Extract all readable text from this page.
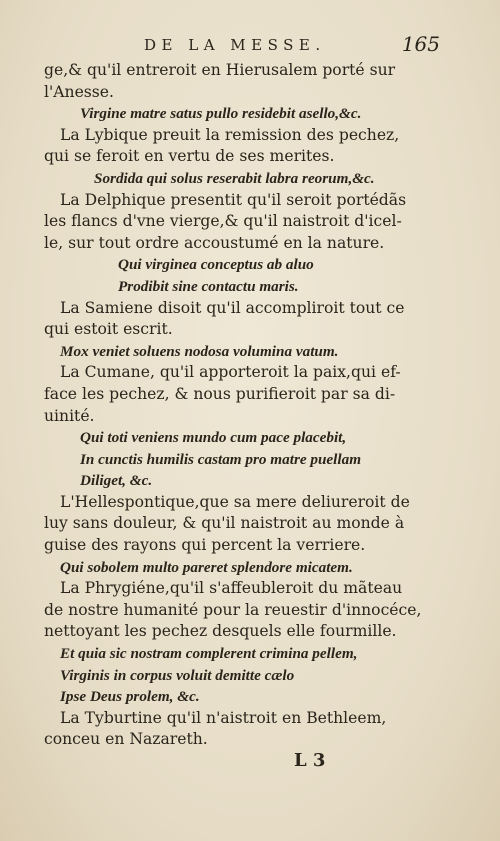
DE LA MESSE.	165
ge,& qu'il entreroit en Hierusalem porté sur
l'Anesse.
Virgine matre satus pullo residebit asello,&c.
La Lybique preuit la remission des pechez,
qui se feroit en vertu de ses merites.
Sordida qui solus reserabit labra reorum,&c.
La Delphique presentit qu'il seroit portédãs
les flancs d'vne vierge,& qu'il naistroit d'icel-
le, sur tout ordre accoustumé en la nature.
Qui virginea conceptus ab aluo
Prodibit sine contactu maris.
La Samiene disoit qu'il accompliroit tout ce
qui estoit escrit.
Mox veniet soluens nodosa volumina vatum.
La Cumane, qu'il apporteroit la paix,qui ef-
face les pechez, & nous purifieroit par sa di-
uinité.
Qui toti veniens mundo cum pace placebit,
In cunctis humilis castam pro matre puellam
Diliget, &c.
L'Hellespontique,que sa mere deliureroit de
luy sans douleur, & qu'il naistroit au monde à
guise des rayons qui percent la verriere.
Qui sobolem multo pareret splendore micatem.
La Phrygiéne,qu'il s'affeubleroit du mãteau
de nostre humanité pour la reuestir d'innocéce,
nettoyant les pechez desquels elle fourmille.
Et quia sic nostram complerent crimina pellem,
Virginis in corpus voluit demitte cælo
Ipse Deus prolem, &c.
La Tyburtine qu'il n'aistroit en Bethleem,
conceu en Nazareth.
L 3
